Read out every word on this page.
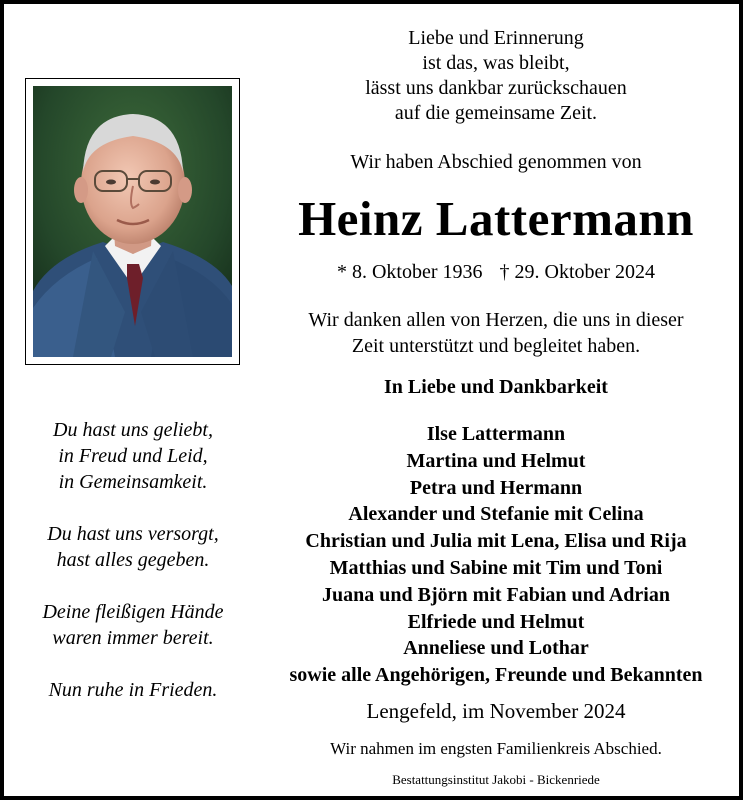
Liebe und Erinnerung
ist das, was bleibt,
lässt uns dankbar zurückschauen
auf die gemeinsame Zeit.
Wir haben Abschied genommen von
Heinz Lattermann
* 8. Oktober 1936 † 29. Oktober 2024
Wir danken allen von Herzen, die uns in dieser
Zeit unterstützt und begleitet haben.
In Liebe und Dankbarkeit
Ilse Lattermann
Martina und Helmut
Petra und Hermann
Alexander und Stefanie mit Celina
Christian und Julia mit Lena, Elisa und Rija
Matthias und Sabine mit Tim und Toni
Juana und Björn mit Fabian und Adrian
Elfriede und Helmut
Anneliese und Lothar
sowie alle Angehörigen, Freunde und Bekannten
Lengefeld, im November 2024
Wir nahmen im engsten Familienkreis Abschied.
Bestattungsinstitut Jakobi - Bickenriede
Du hast uns geliebt,
in Freud und Leid,
in Gemeinsamkeit.
Du hast uns versorgt,
hast alles gegeben.
Deine fleißigen Hände
waren immer bereit.
Nun ruhe in Frieden.
